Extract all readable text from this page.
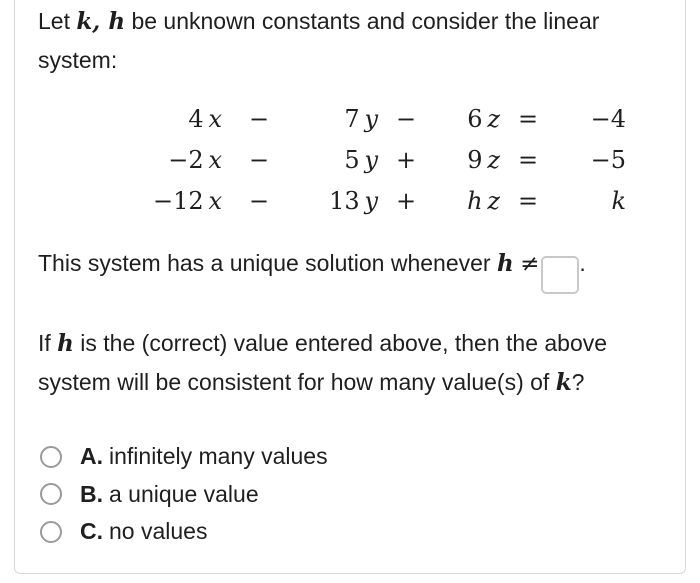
Let k, h be unknown constants and consider the linear system:

4  x	−	7  y	−	6  z	=	−4
−2  x	−	5  y	+	9  z	=	−5
−12  x	−	13  y	+	h  z	=	k

This system has a unique solution whenever h ≠ .

If h is the (correct) value entered above, then the above system will be consistent for how many value(s) of k?

A. infinitely many values
B. a unique value
C. no values
